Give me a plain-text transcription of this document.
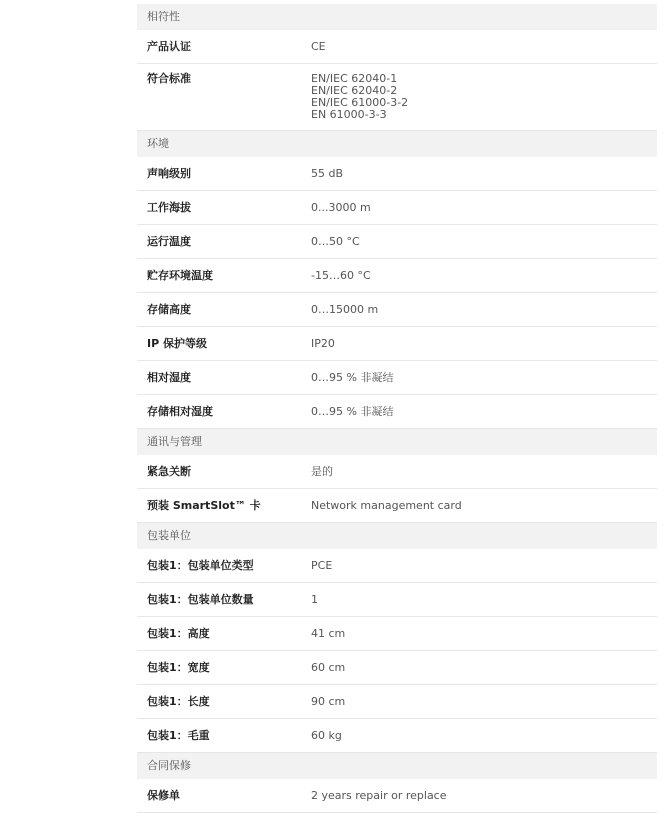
相符性
产品认证	CE
符合标准	EN/IEC 62040-1
EN/IEC 62040-2
EN/IEC 61000-3-2
EN 61000-3-3
环境
声响级别	55 dB
工作海拔	0...3000 m
运行温度	0…50 °C
贮存环境温度	-15…60 °C
存储高度	0…15000 m
IP 保护等级	IP20
相对湿度	0…95 % 非凝结
存储相对湿度	0…95 % 非凝结
通讯与管理
紧急关断	是的
预装 SmartSlot™ 卡	Network management card
包装单位
包装1：包装单位类型	PCE
包装1：包装单位数量	1
包装1：高度	41 cm
包装1：宽度	60 cm
包装1：长度	90 cm
包装1：毛重	60 kg
合同保修
保修单	2 years repair or replace
